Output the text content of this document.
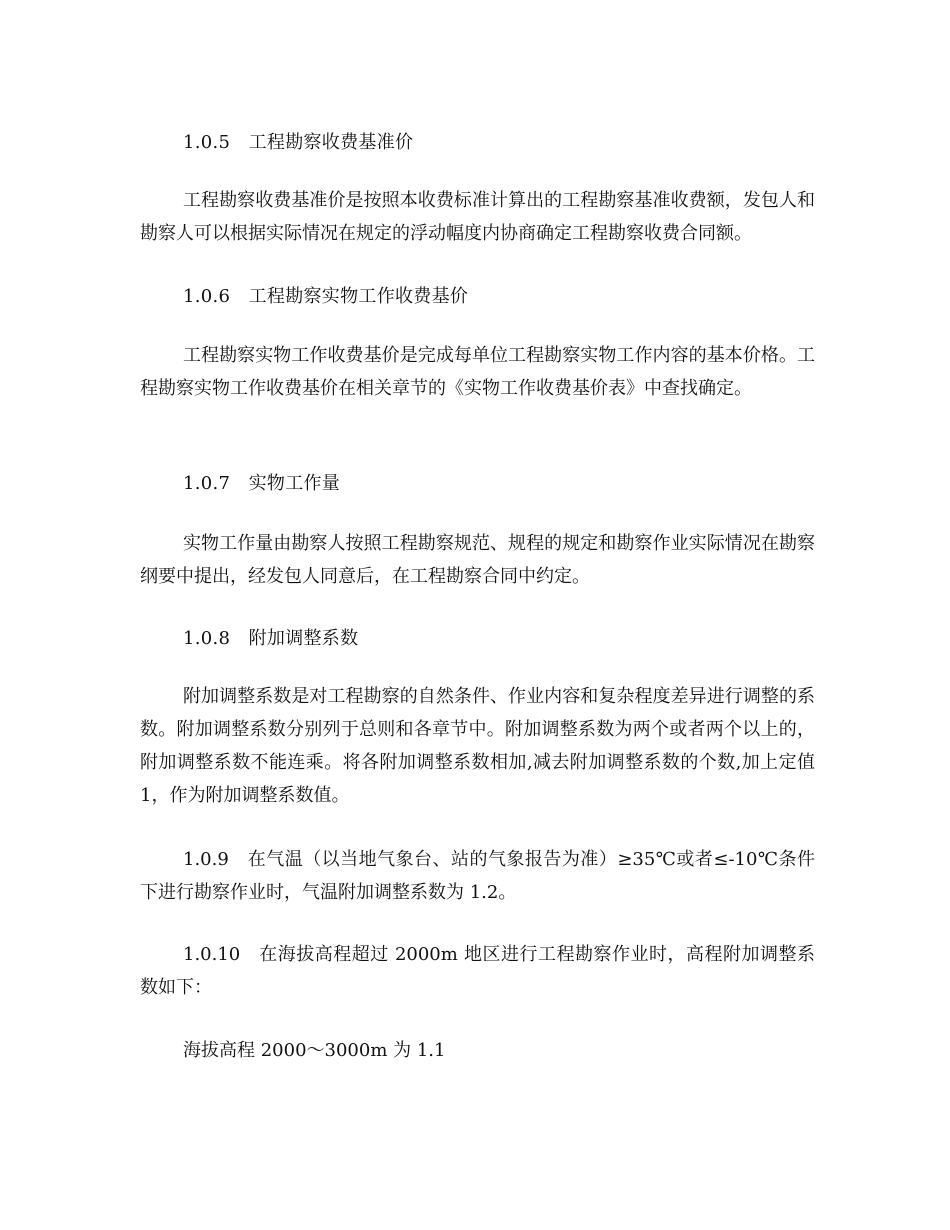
1.0.5　工程勘察收费基准价

工程勘察收费基准价是按照本收费标准计算出的工程勘察基准收费额，发包人和勘察人可以根据实际情况在规定的浮动幅度内协商确定工程勘察收费合同额。

1.0.6　工程勘察实物工作收费基价

工程勘察实物工作收费基价是完成每单位工程勘察实物工作内容的基本价格。工程勘察实物工作收费基价在相关章节的《实物工作收费基价表》中查找确定。

1.0.7　实物工作量

实物工作量由勘察人按照工程勘察规范、规程的规定和勘察作业实际情况在勘察纲要中提出，经发包人同意后，在工程勘察合同中约定。

1.0.8　附加调整系数

附加调整系数是对工程勘察的自然条件、作业内容和复杂程度差异进行调整的系数。附加调整系数分别列于总则和各章节中。附加调整系数为两个或者两个以上的，附加调整系数不能连乘。将各附加调整系数相加,减去附加调整系数的个数,加上定值 1，作为附加调整系数值。

1.0.9　在气温（以当地气象台、站的气象报告为准）≥35℃或者≤-10℃条件下进行勘察作业时，气温附加调整系数为 1.2。

1.0.10　在海拔高程超过 2000m 地区进行工程勘察作业时，高程附加调整系数如下：

海拔高程 2000～3000m 为 1.1
